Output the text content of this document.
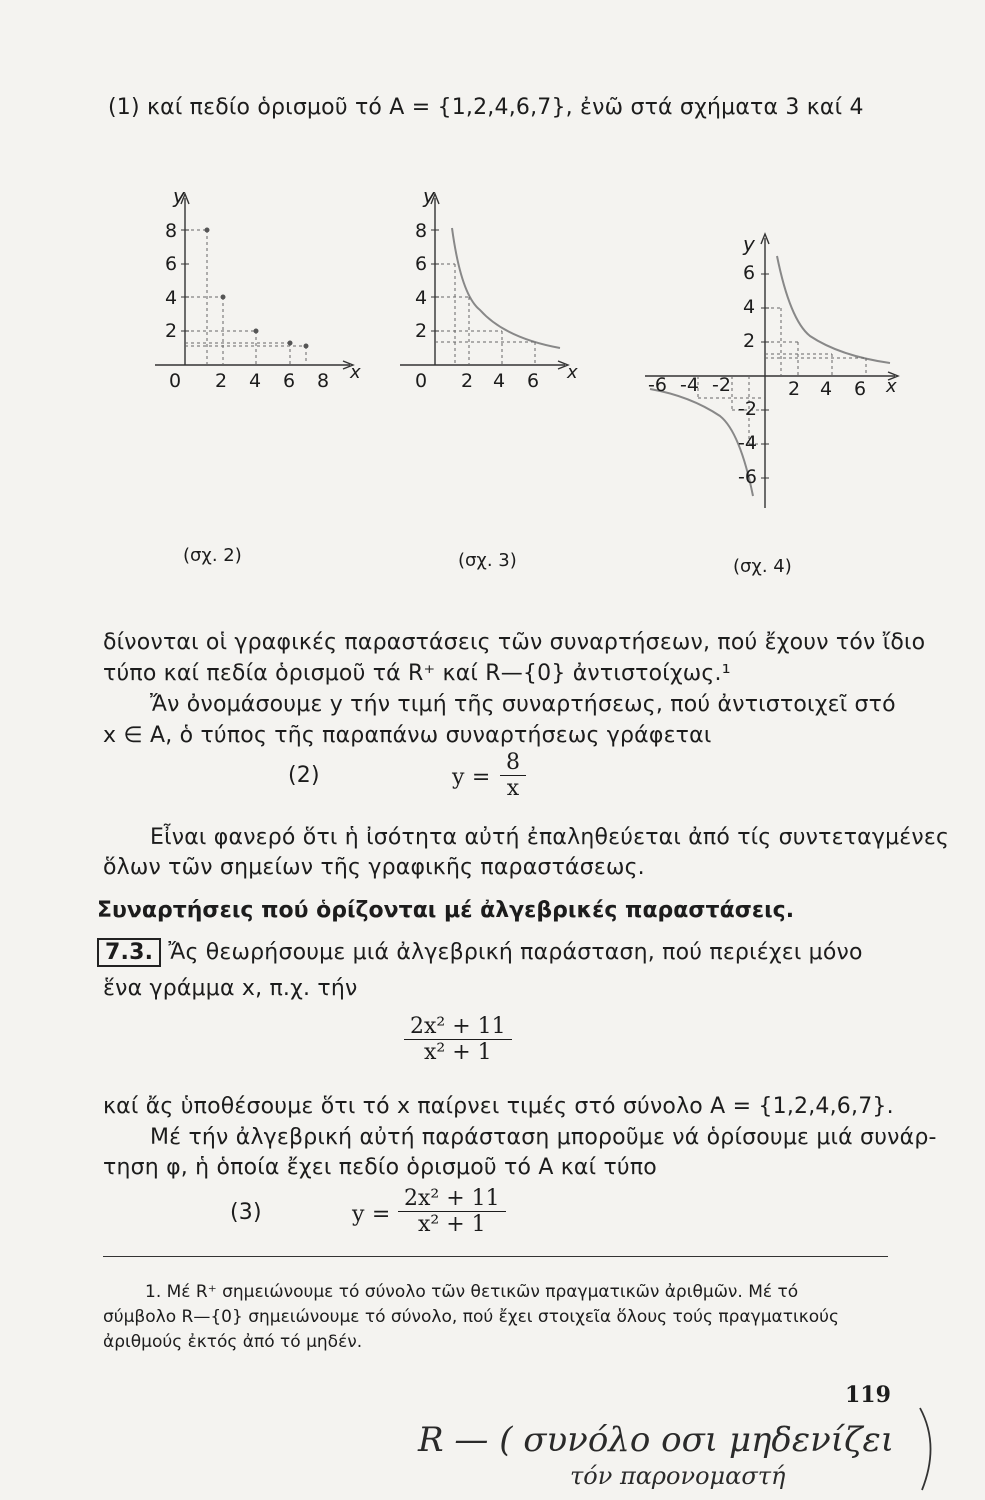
(1) καί πεδίο ὁρισμοῦ τό A = {1,2,4,6,7}, ἐνῶ στά σχήματα 3 καί 4
y
8
6
4
2
0 2 4 6 8 x
(σχ. 2)
y
8
6
4
2
0 2 4 6 x
(σχ. 3)
y
6
4
2
-2
-4
-6
-6 -4 -2	2 4 6 x
(σχ. 4)
δίνονται οἱ γραφικές παραστάσεις τῶν συναρτήσεων, πού ἔχουν τόν ἴδιο
τύπο καί πεδία ὁρισμοῦ τά R⁺ καί R—{0} ἀντιστοίχως.¹
Ἄν ὀνομάσουμε y τήν τιμή τῆς συναρτήσεως, πού ἀντιστοιχεῖ στό
x ∈ A, ὁ τύπος τῆς παραπάνω συναρτήσεως γράφεται
(2)	$y = \frac{8}{x}$
Εἶναι φανερό ὅτι ἡ ἰσότητα αὐτή ἐπαληθεύεται ἀπό τίς συντεταγμένες
ὅλων τῶν σημείων τῆς γραφικῆς παραστάσεως.
Συναρτήσεις πού ὁρίζονται μέ ἀλγεβρικές παραστάσεις.
7.3. Ἄς θεωρήσουμε μιά ἀλγεβρική παράσταση, πού περιέχει μόνο
ἕνα γράμμα x, π.χ. τήν
$\frac{\text{2x² + 11}}{\text{x² + 1}}$
καί ἄς ὑποθέσουμε ὅτι τό x παίρνει τιμές στό σύνολο A = {1,2,4,6,7}.
Μέ τήν ἀλγεβρική αὐτή παράσταση μποροῦμε νά ὁρίσουμε μιά συνάρ-
τηση φ, ἡ ὁποία ἔχει πεδίο ὁρισμοῦ τό A καί τύπο
(3)	$y = \frac{\text{2x² + 11}}{\text{x² + 1}}$
1. Μέ R⁺ σημειώνουμε τό σύνολο τῶν θετικῶν πραγματικῶν ἀριθμῶν. Μέ τό
σύμβολο R—{0} σημειώνουμε τό σύνολο, πού ἔχει στοιχεῖα ὅλους τούς πραγματικούς
ἀριθμούς ἐκτός ἀπό τό μηδέν.
119
R — ( συνόλο οσι μηδενίζει
τόν παρονομαστή
